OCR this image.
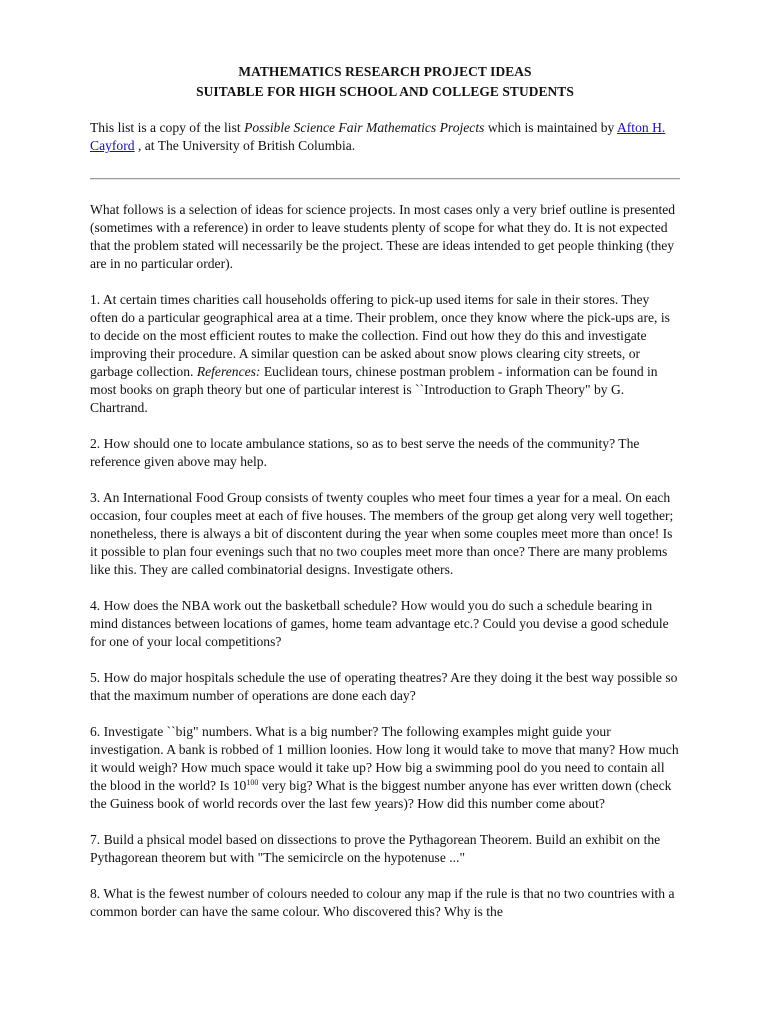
MATHEMATICS RESEARCH PROJECT IDEAS
SUITABLE FOR HIGH SCHOOL AND COLLEGE STUDENTS
This list is a copy of the list Possible Science Fair Mathematics Projects which is maintained by Afton H. Cayford , at The University of British Columbia.

What follows is a selection of ideas for science projects. In most cases only a very brief outline is presented (sometimes with a reference) in order to leave students plenty of scope for what they do. It is not expected that the problem stated will necessarily be the project. These are ideas intended to get people thinking (they are in no particular order).

1. At certain times charities call households offering to pick-up used items for sale in their stores. They often do a particular geographical area at a time. Their problem, once they know where the pick-ups are, is to decide on the most efficient routes to make the collection. Find out how they do this and investigate improving their procedure. A similar question can be asked about snow plows clearing city streets, or garbage collection. References: Euclidean tours, chinese postman problem - information can be found in most books on graph theory but one of particular interest is ``Introduction to Graph Theory" by G. Chartrand.

2. How should one to locate ambulance stations, so as to best serve the needs of the community? The reference given above may help.

3. An International Food Group consists of twenty couples who meet four times a year for a meal. On each occasion, four couples meet at each of five houses. The members of the group get along very well together; nonetheless, there is always a bit of discontent during the year when some couples meet more than once! Is it possible to plan four evenings such that no two couples meet more than once? There are many problems like this. They are called combinatorial designs. Investigate others.

4. How does the NBA work out the basketball schedule? How would you do such a schedule bearing in mind distances between locations of games, home team advantage etc.? Could you devise a good schedule for one of your local competitions?

5. How do major hospitals schedule the use of operating theatres? Are they doing it the best way possible so that the maximum number of operations are done each day?

6. Investigate ``big" numbers. What is a big number? The following examples might guide your investigation. A bank is robbed of 1 million loonies. How long it would take to move that many? How much it would weigh? How much space would it take up? How big a swimming pool do you need to contain all the blood in the world? Is $10^{100}$ very big? What is the biggest number anyone has ever written down (check the Guiness book of world records over the last few years)? How did this number come about?

7. Build a phsical model based on dissections to prove the Pythagorean Theorem. Build an exhibit on the Pythagorean theorem but with "The semicircle on the hypotenuse ..."

8. What is the fewest number of colours needed to colour any map if the rule is that no two countries with a common border can have the same colour. Who discovered this? Why is the
